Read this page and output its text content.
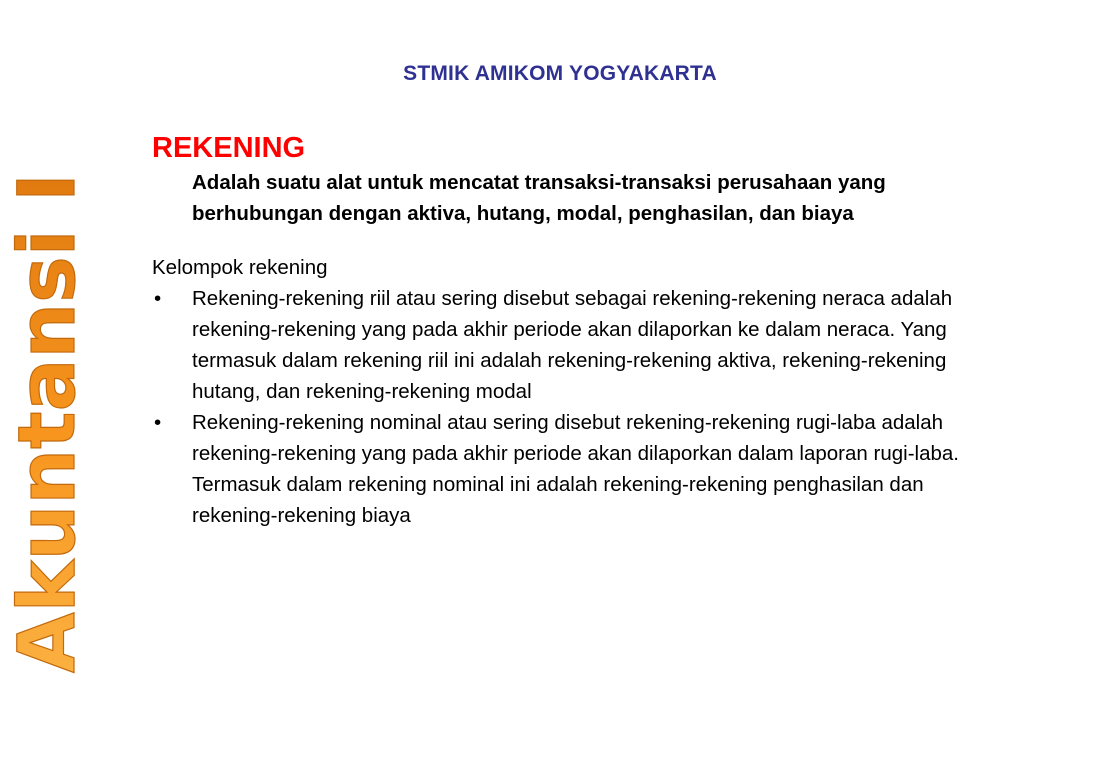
STMIK AMIKOM YOGYAKARTA
Akuntansi I
REKENING

Adalah suatu alat untuk mencatat transaksi-transaksi perusahaan yang berhubungan dengan aktiva, hutang, modal, penghasilan, dan biaya

Kelompok rekening

• Rekening-rekening riil atau sering disebut sebagai rekening-rekening neraca adalah rekening-rekening yang pada akhir periode akan dilaporkan ke dalam neraca. Yang termasuk dalam rekening riil ini adalah rekening-rekening aktiva, rekening-rekening hutang, dan rekening-rekening modal
• Rekening-rekening nominal atau sering disebut rekening-rekening rugi-laba adalah rekening-rekening yang pada akhir periode akan dilaporkan dalam laporan rugi-laba. Termasuk dalam rekening nominal ini adalah rekening-rekening penghasilan dan rekening-rekening biaya
